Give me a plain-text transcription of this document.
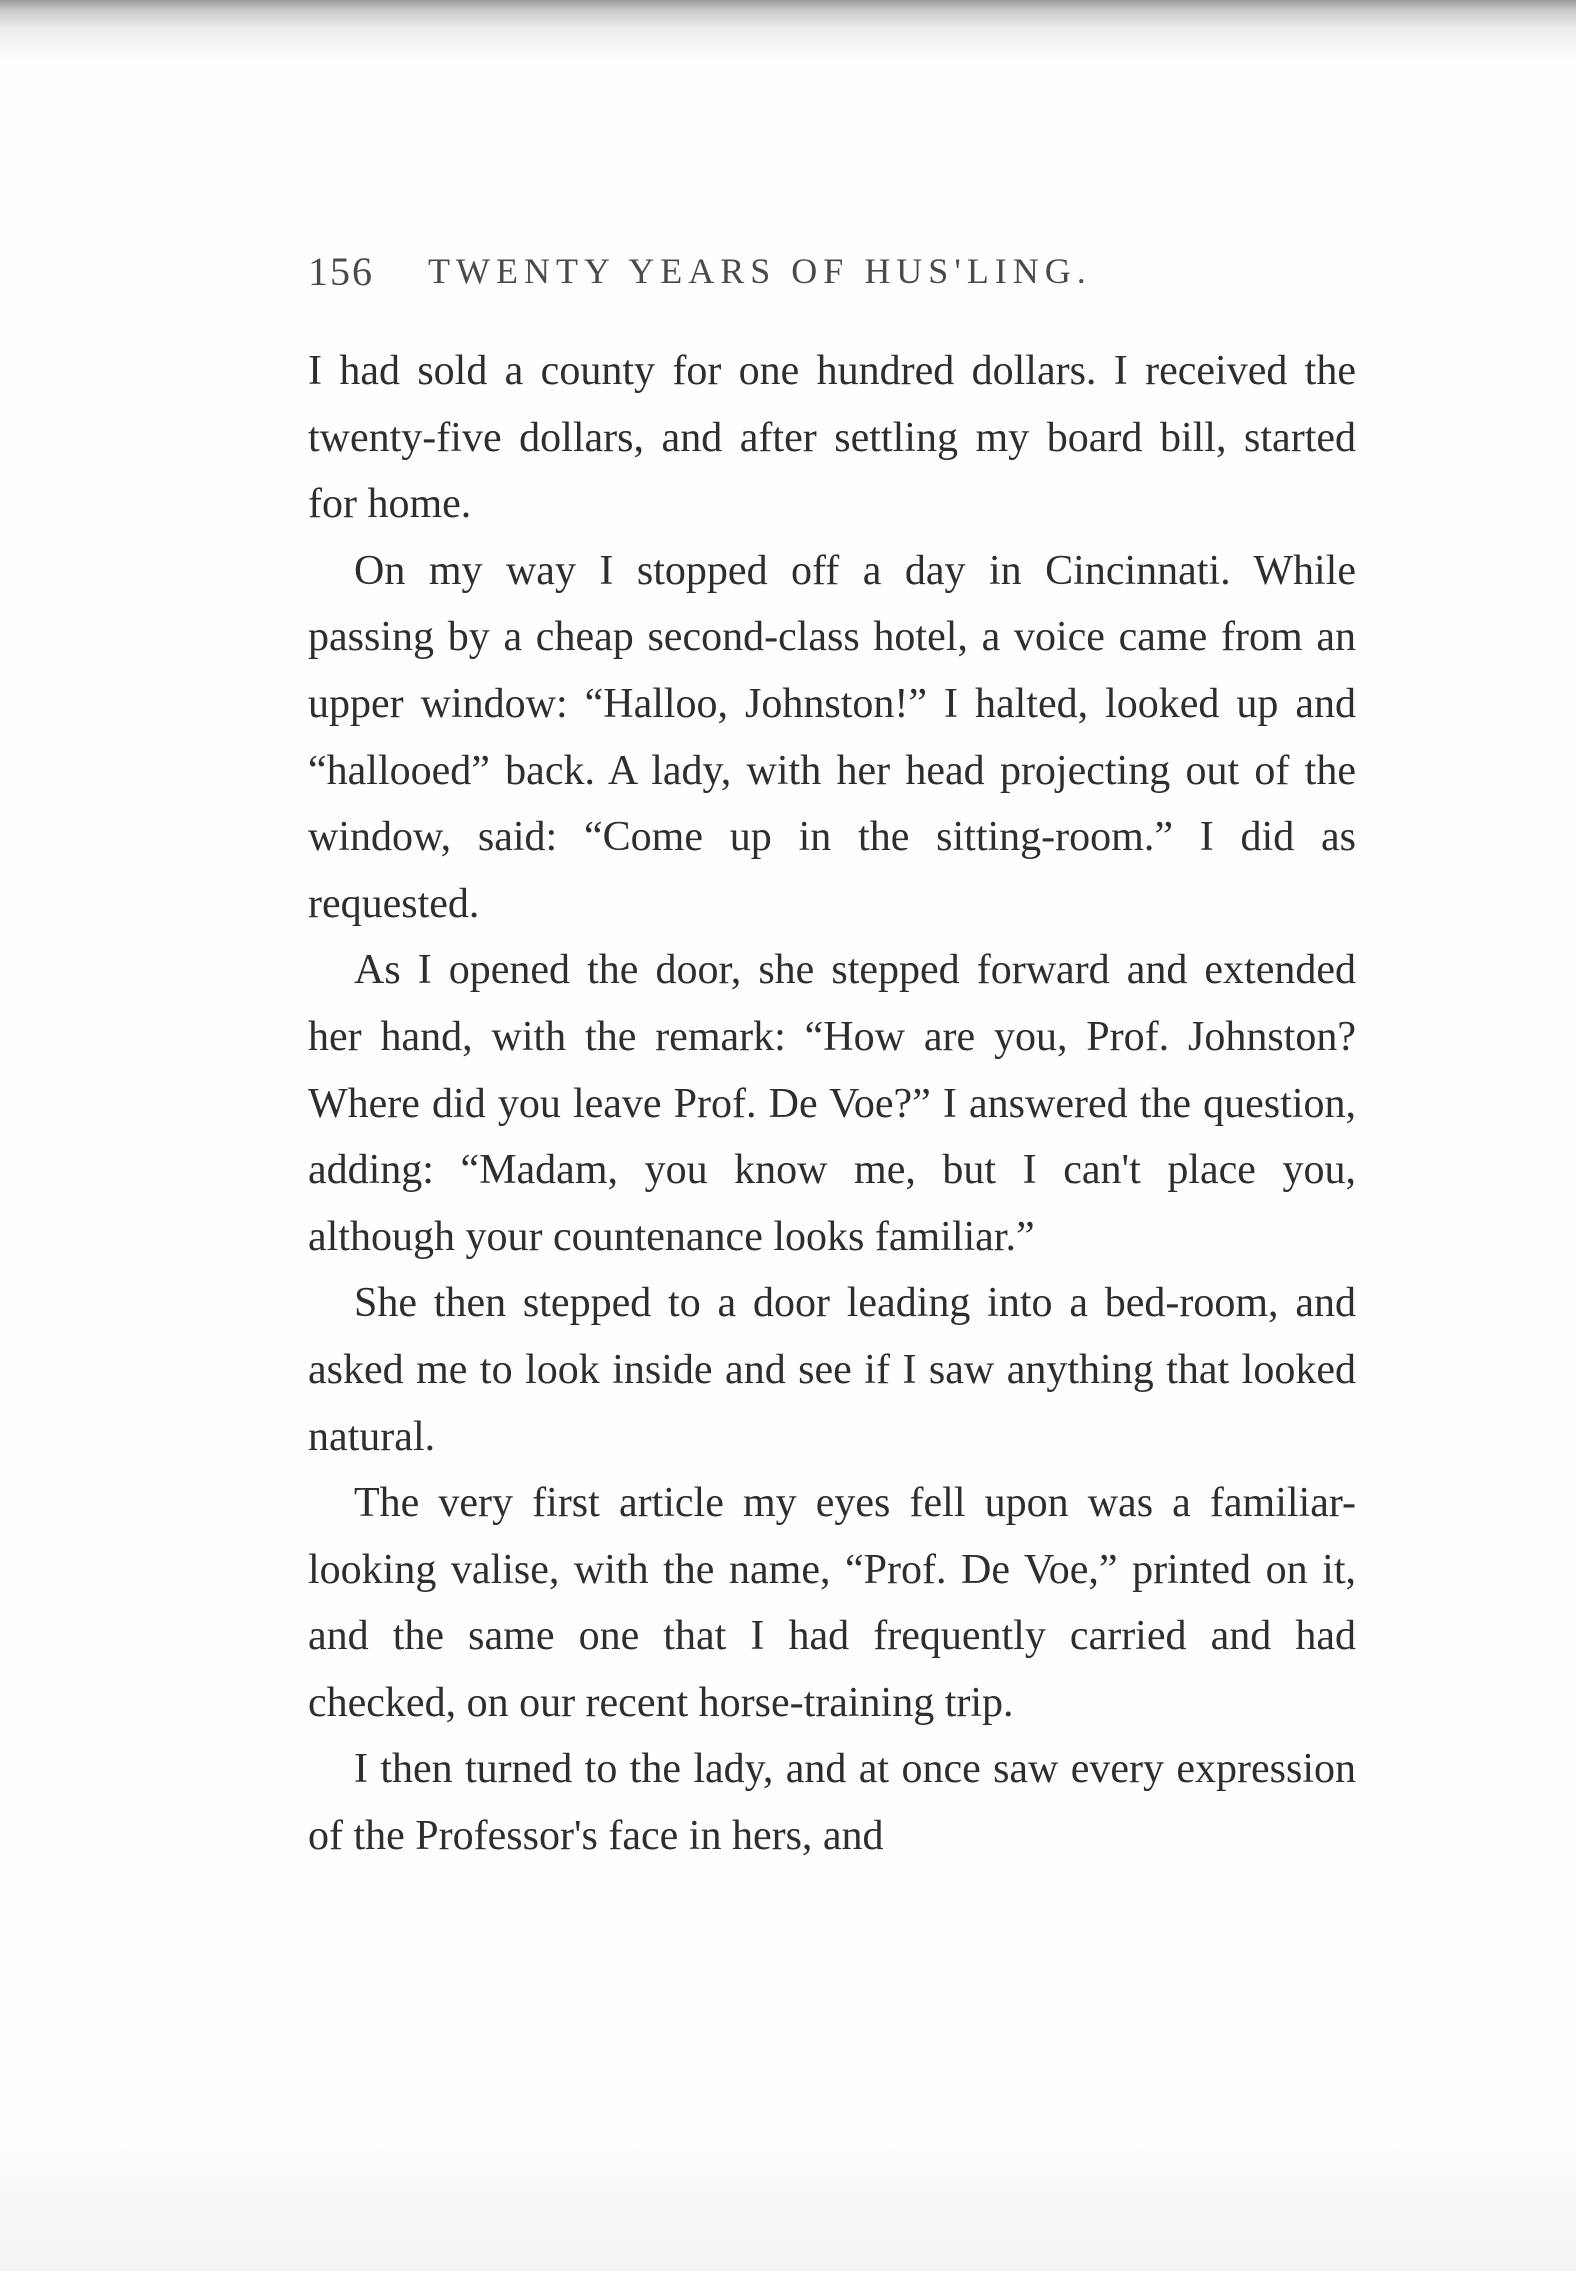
156 TWENTY YEARS OF HUS'LING.

I had sold a county for one hundred dollars. I received the twenty-five dollars, and after settling my board bill, started for home.

On my way I stopped off a day in Cincinnati. While passing by a cheap second-class hotel, a voice came from an upper window: “Halloo, Johnston!” I halted, looked up and “hallooed” back. A lady, with her head projecting out of the window, said: “Come up in the sitting-room.” I did as requested.

As I opened the door, she stepped forward and extended her hand, with the remark: “How are you, Prof. Johnston? Where did you leave Prof. De Voe?” I answered the question, adding: “Madam, you know me, but I can't place you, although your countenance looks familiar.”

She then stepped to a door leading into a bed-room, and asked me to look inside and see if I saw anything that looked natural.

The very first article my eyes fell upon was a familiar-looking valise, with the name, “Prof. De Voe,” printed on it, and the same one that I had frequently carried and had checked, on our recent horse-training trip.

I then turned to the lady, and at once saw every expression of the Professor's face in hers, and
